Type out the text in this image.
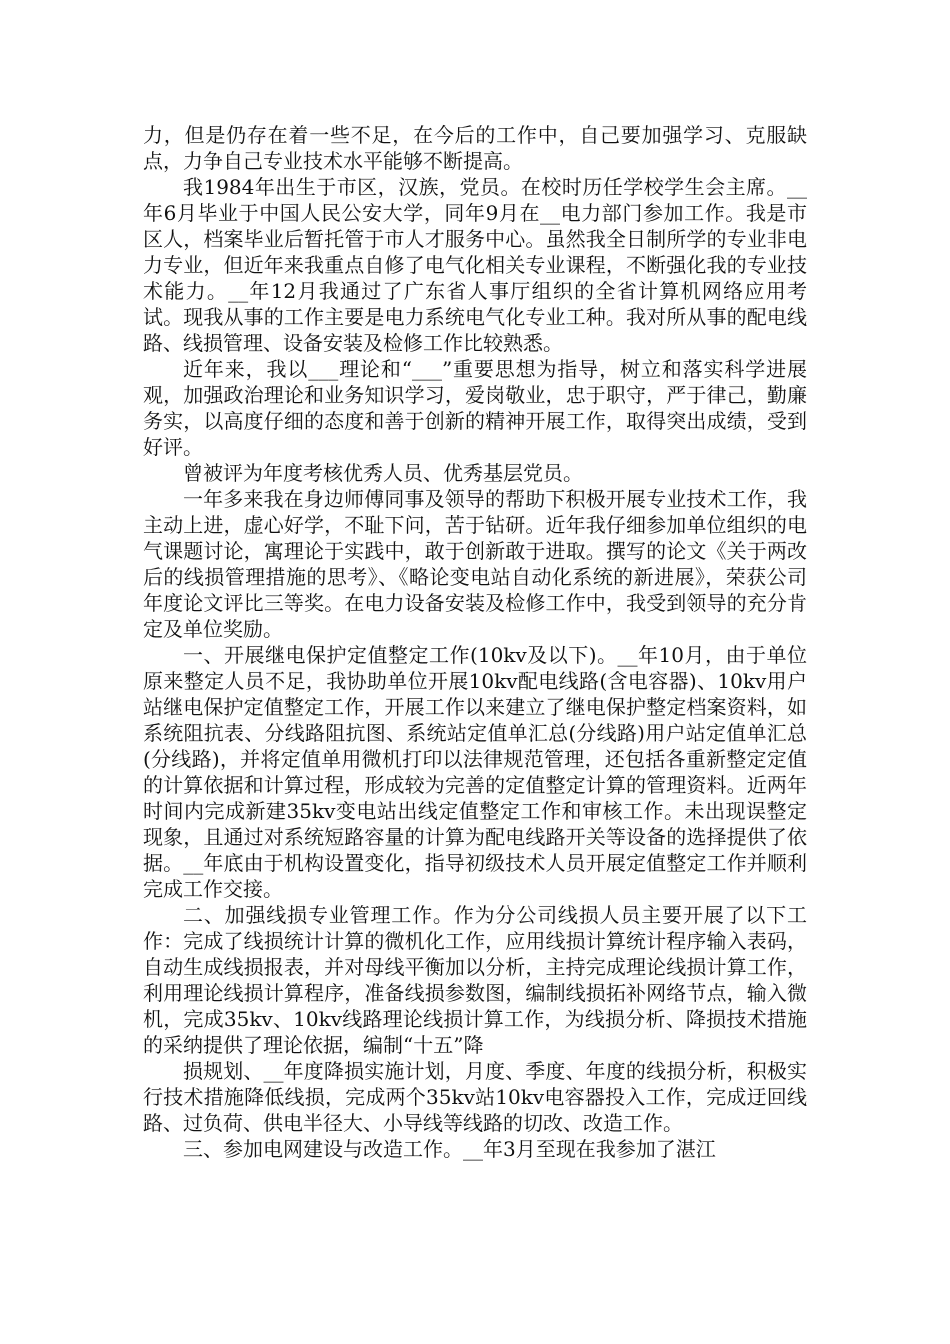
力，但是仍存在着一些不足，在今后的工作中，自己要加强学习、克服缺点，力争自己专业技术水平能够不断提高。

我1984年出生于市区，汉族，党员。在校时历任学校学生会主席。__年6月毕业于中国人民公安大学，同年9月在__电力部门参加工作。我是市区人，档案毕业后暂托管于市人才服务中心。虽然我全日制所学的专业非电力专业，但近年来我重点自修了电气化相关专业课程，不断强化我的专业技术能力。__年12月我通过了广东省人事厅组织的全省计算机网络应用考试。现我从事的工作主要是电力系统电气化专业工种。我对所从事的配电线路、线损管理、设备安装及检修工作比较熟悉。

近年来，我以___理论和“___”重要思想为指导，树立和落实科学进展观，加强政治理论和业务知识学习，爱岗敬业，忠于职守，严于律己，勤廉务实，以高度仔细的态度和善于创新的精神开展工作，取得突出成绩，受到好评。

曾被评为年度考核优秀人员、优秀基层党员。

一年多来我在身边师傅同事及领导的帮助下积极开展专业技术工作，我主动上进，虚心好学，不耻下问，苦于钻研。近年我仔细参加单位组织的电气课题讨论，寓理论于实践中，敢于创新敢于进取。撰写的论文《关于两改后的线损管理措施的思考》、《略论变电站自动化系统的新进展》，荣获公司年度论文评比三等奖。在电力设备安装及检修工作中，我受到领导的充分肯定及单位奖励。

一、开展继电保护定值整定工作(10kv及以下)。__年10月，由于单位原来整定人员不足，我协助单位开展10kv配电线路(含电容器)、10kv用户站继电保护定值整定工作，开展工作以来建立了继电保护整定档案资料，如系统阻抗表、分线路阻抗图、系统站定值单汇总(分线路)用户站定值单汇总(分线路)，并将定值单用微机打印以法律规范管理，还包括各重新整定定值的计算依据和计算过程，形成较为完善的定值整定计算的管理资料。近两年时间内完成新建35kv变电站出线定值整定工作和审核工作。未出现误整定现象，且通过对系统短路容量的计算为配电线路开关等设备的选择提供了依据。__年底由于机构设置变化，指导初级技术人员开展定值整定工作并顺利完成工作交接。

二、加强线损专业管理工作。作为分公司线损人员主要开展了以下工作：完成了线损统计计算的微机化工作，应用线损计算统计程序输入表码，自动生成线损报表，并对母线平衡加以分析，主持完成理论线损计算工作，利用理论线损计算程序，准备线损参数图，编制线损拓补网络节点，输入微机，完成35kv、10kv线路理论线损计算工作，为线损分析、降损技术措施的采纳提供了理论依据，编制“十五”降

损规划、__年度降损实施计划，月度、季度、年度的线损分析，积极实行技术措施降低线损，完成两个35kv站10kv电容器投入工作，完成迂回线路、过负荷、供电半径大、小导线等线路的切改、改造工作。

三、参加电网建设与改造工作。__年3月至现在我参加了湛江
